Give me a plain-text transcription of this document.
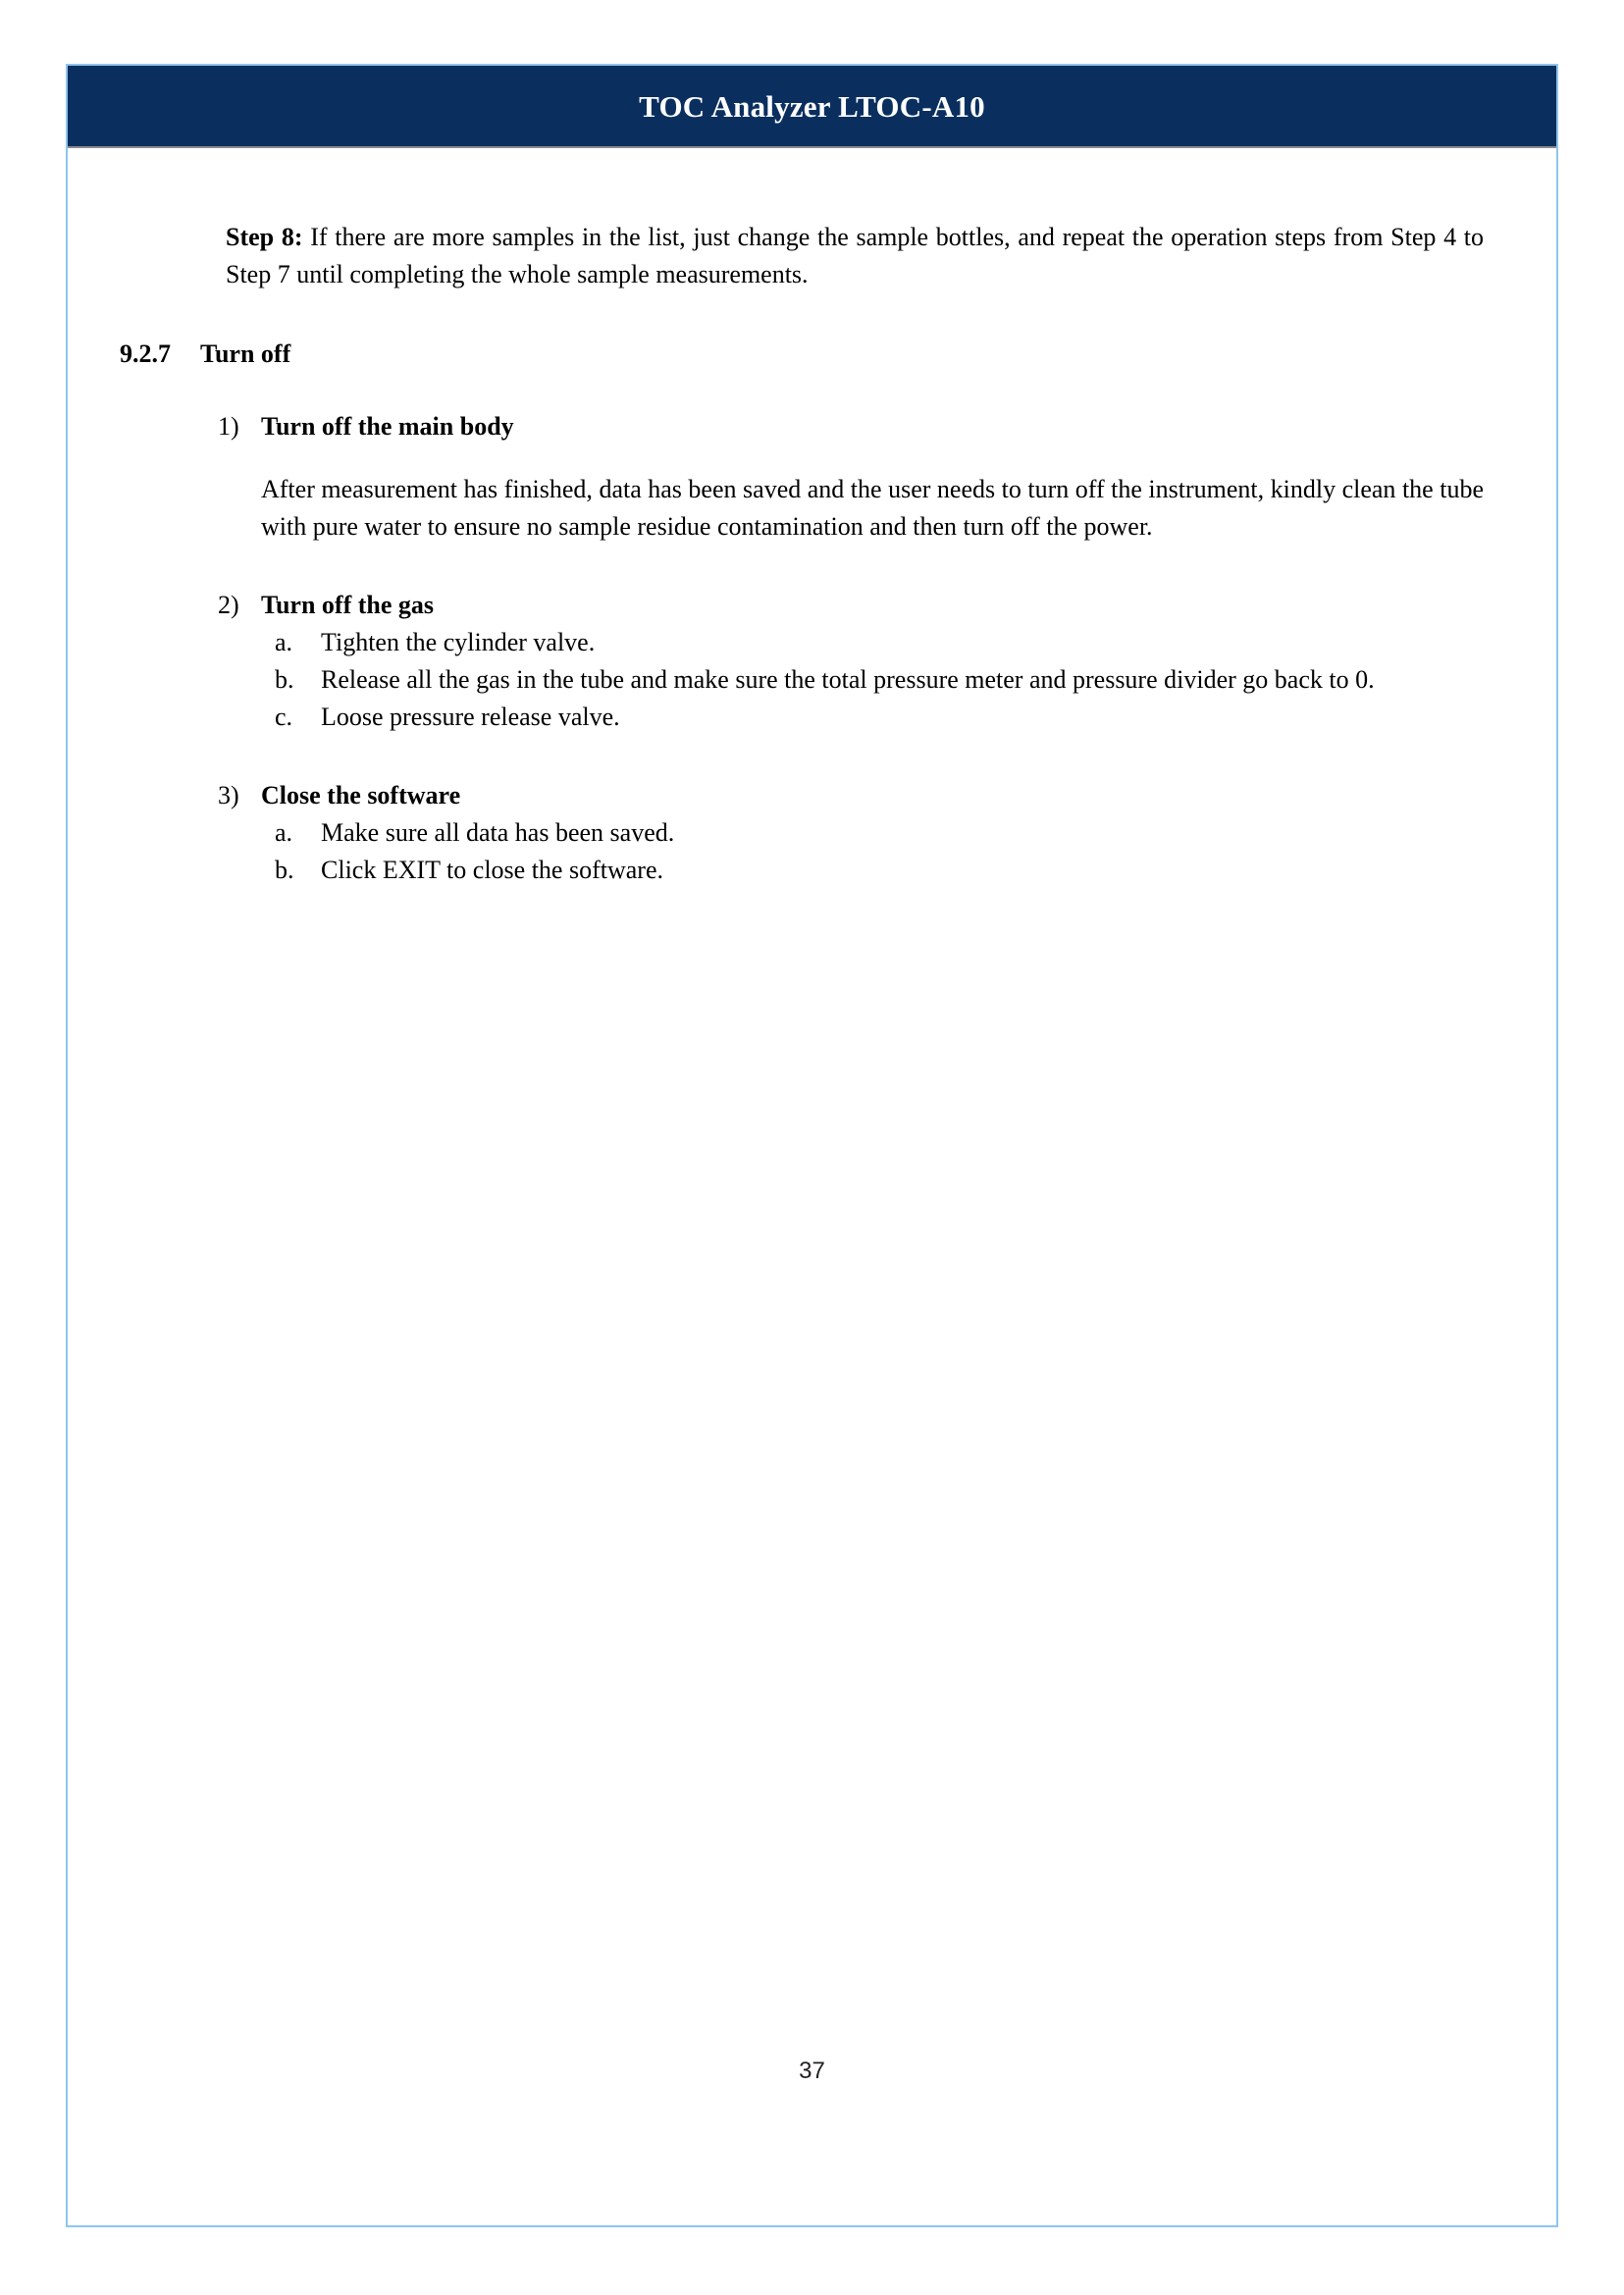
TOC Analyzer LTOC-A10

Step 8: If there are more samples in the list, just change the sample bottles, and repeat the operation steps from Step 4 to Step 7 until completing the whole sample measurements.

9.2.7	Turn off
1) Turn off the main body

After measurement has finished, data has been saved and the user needs to turn off the instrument, kindly clean the tube with pure water to ensure no sample residue contamination and then turn off the power.

2) Turn off the gas
a.	Tighten the cylinder valve.
b.	Release all the gas in the tube and make sure the total pressure meter and pressure divider go back to 0.
c.	Loose pressure release valve.
3) Close the software
a.	Make sure all data has been saved.
b.	Click EXIT to close the software.
37
